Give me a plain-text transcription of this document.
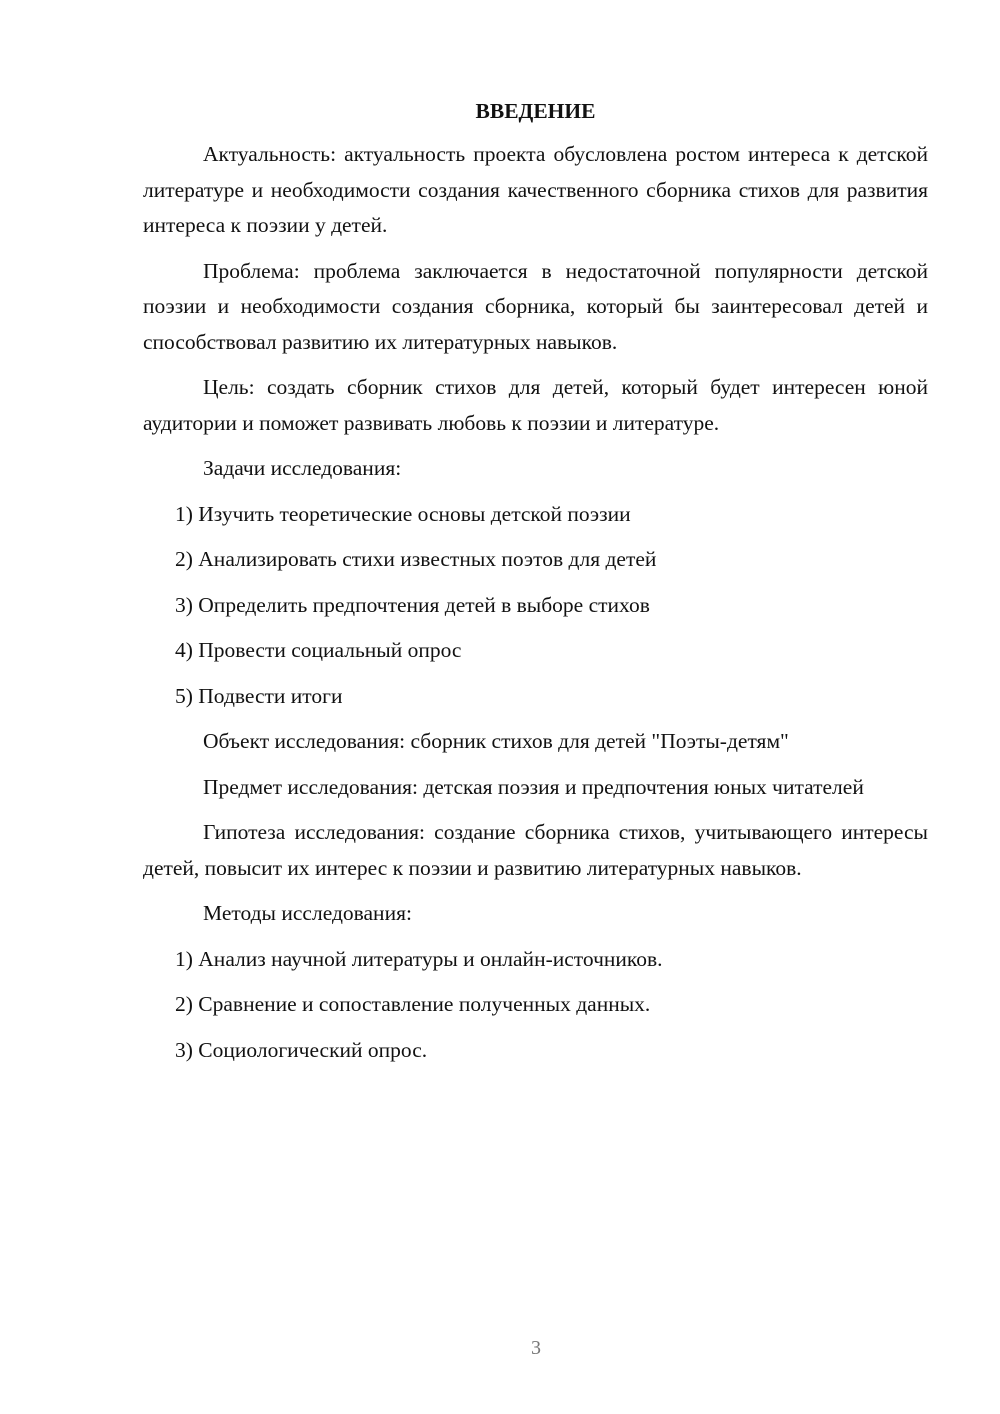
ВВЕДЕНИЕ

Актуальность: актуальность проекта обусловлена ростом интереса к детской литературе и необходимости создания качественного сборника стихов для развития интереса к поэзии у детей.

Проблема: проблема заключается в недостаточной популярности детской поэзии и необходимости создания сборника, который бы заинтересовал детей и способствовал развитию их литературных навыков.

Цель: создать сборник стихов для детей, который будет интересен юной аудитории и поможет развивать любовь к поэзии и литературе.

Задачи исследования:

1) Изучить теоретические основы детской поэзии
2) Анализировать стихи известных поэтов для детей
3) Определить предпочтения детей в выборе стихов
4) Провести социальный опрос
5) Подвести итоги

Объект исследования: сборник стихов для детей "Поэты-детям"

Предмет исследования: детская поэзия и предпочтения юных читателей

Гипотеза исследования: создание сборника стихов, учитывающего интересы детей, повысит их интерес к поэзии и развитию литературных навыков.

Методы исследования:

1) Анализ научной литературы и онлайн-источников.
2) Сравнение и сопоставление полученных данных.
3) Социологический опрос.
3
